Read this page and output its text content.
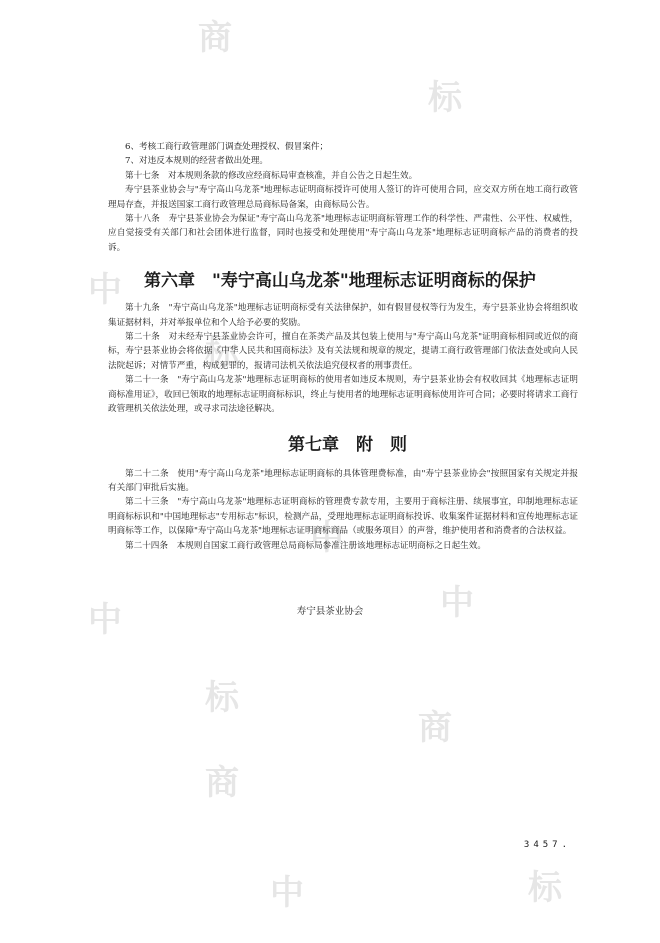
商
标
中
标
中
中	中
标
商
商
中	标

6、考核工商行政管理部门调查处理授权、假冒案件；

7、对违反本规则的经营者做出处理。

第十七条　对本规则条款的修改应经商标局审查核准，并自公告之日起生效。

寿宁县茶业协会与"寿宁高山乌龙茶"地理标志证明商标授许可使用人签订的许可使用合同，应交双方所在地工商行政管理局存查，并报送国家工商行政管理总局商标局备案，由商标局公告。

第十八条　寿宁县茶业协会为保证"寿宁高山乌龙茶"地理标志证明商标管理工作的科学性、严肃性、公平性、权威性，应自觉接受有关部门和社会团体进行监督，同时也接受和处理使用"寿宁高山乌龙茶"地理标志证明商标产品的消费者的投诉。

第六章　"寿宁高山乌龙茶"地理标志证明商标的保护

第十九条　"寿宁高山乌龙茶"地理标志证明商标受有关法律保护，如有假冒侵权等行为发生，寿宁县茶业协会将组织收集证据材料，并对举报单位和个人给予必要的奖励。

第二十条　对未经寿宁县茶业协会许可，擅自在茶类产品及其包装上使用与"寿宁高山乌龙茶"证明商标相同或近似的商标，寿宁县茶业协会将依据《中华人民共和国商标法》及有关法规和规章的规定，提请工商行政管理部门依法查处或向人民法院起诉；对情节严重，构成犯罪的，报请司法机关依法追究侵权者的刑事责任。

第二十一条　"寿宁高山乌龙茶"地理标志证明商标的使用者如违反本规则，寿宁县茶业协会有权收回其《地理标志证明商标准用证》，收回已领取的地理标志证明商标标识，终止与使用者的地理标志证明商标使用许可合同；必要时将请求工商行政管理机关依法处理，或寻求司法途径解决。

第七章　附　则

第二十二条　使用"寿宁高山乌龙茶"地理标志证明商标的具体管理费标准，由"寿宁县茶业协会"按照国家有关规定并报有关部门审批后实施。

第二十三条　"寿宁高山乌龙茶"地理标志证明商标的管理费专款专用，主要用于商标注册、续展事宜，印制地理标志证明商标标识和"中国地理标志"专用标志"标识，检测产品，受理地理标志证明商标投诉、收集案件证据材料和宣传地理标志证明商标等工作，以保障"寿宁高山乌龙茶"地理标志证明商标商品（或服务项目）的声誉，维护使用者和消费者的合法权益。

第二十四条　本规则自国家工商行政管理总局商标局参准注册该地理标志证明商标之日起生效。

寿宁县茶业协会
3457.
